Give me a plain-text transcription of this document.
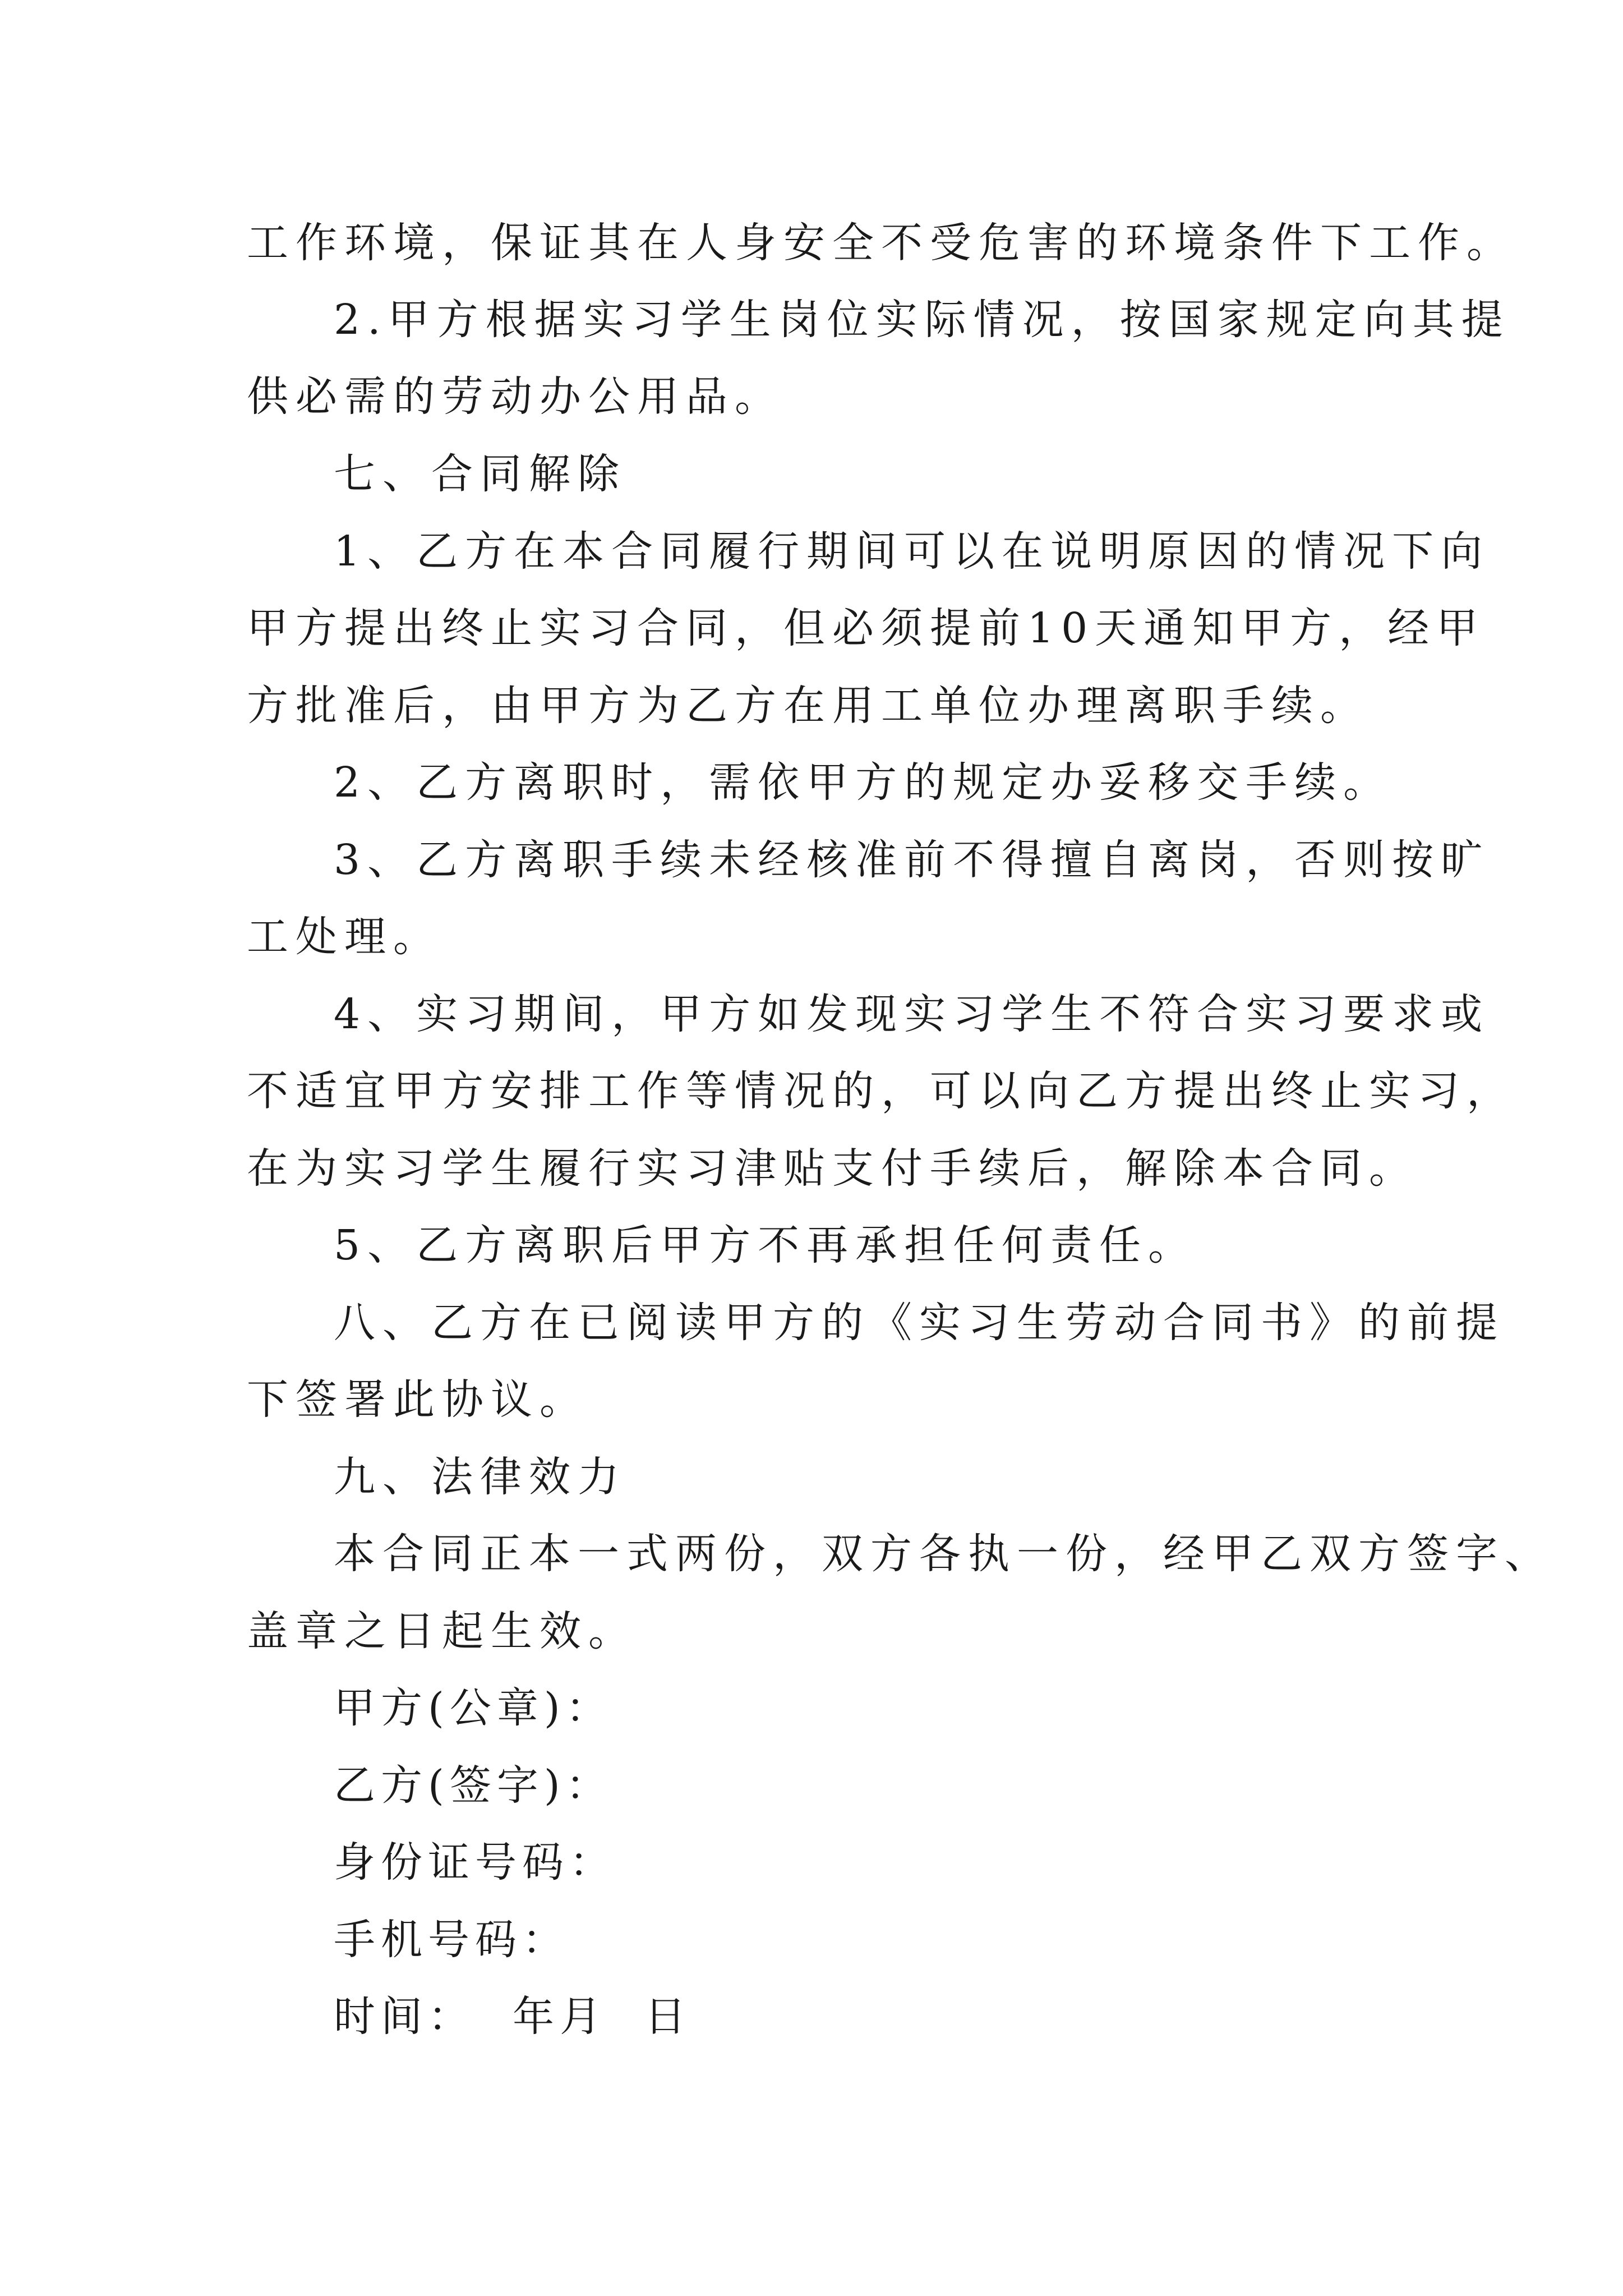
工作环境，保证其在人身安全不受危害的环境条件下工作。
2.甲方根据实习学生岗位实际情况，按国家规定向其提
供必需的劳动办公用品。
七、合同解除
1、乙方在本合同履行期间可以在说明原因的情况下向
甲方提出终止实习合同，但必须提前10天通知甲方，经甲
方批准后，由甲方为乙方在用工单位办理离职手续。
2、乙方离职时，需依甲方的规定办妥移交手续。
3、乙方离职手续未经核准前不得擅自离岗，否则按旷
工处理。
4、实习期间，甲方如发现实习学生不符合实习要求或
不适宜甲方安排工作等情况的，可以向乙方提出终止实习，
在为实习学生履行实习津贴支付手续后，解除本合同。
5、乙方离职后甲方不再承担任何责任。
八、乙方在已阅读甲方的《实习生劳动合同书》的前提
下签署此协议。
九、法律效力
本合同正本一式两份，双方各执一份，经甲乙双方签字、
盖章之日起生效。
甲方(公章)：
乙方(签字)：
身份证号码：
手机号码：
时间：  年月  日
